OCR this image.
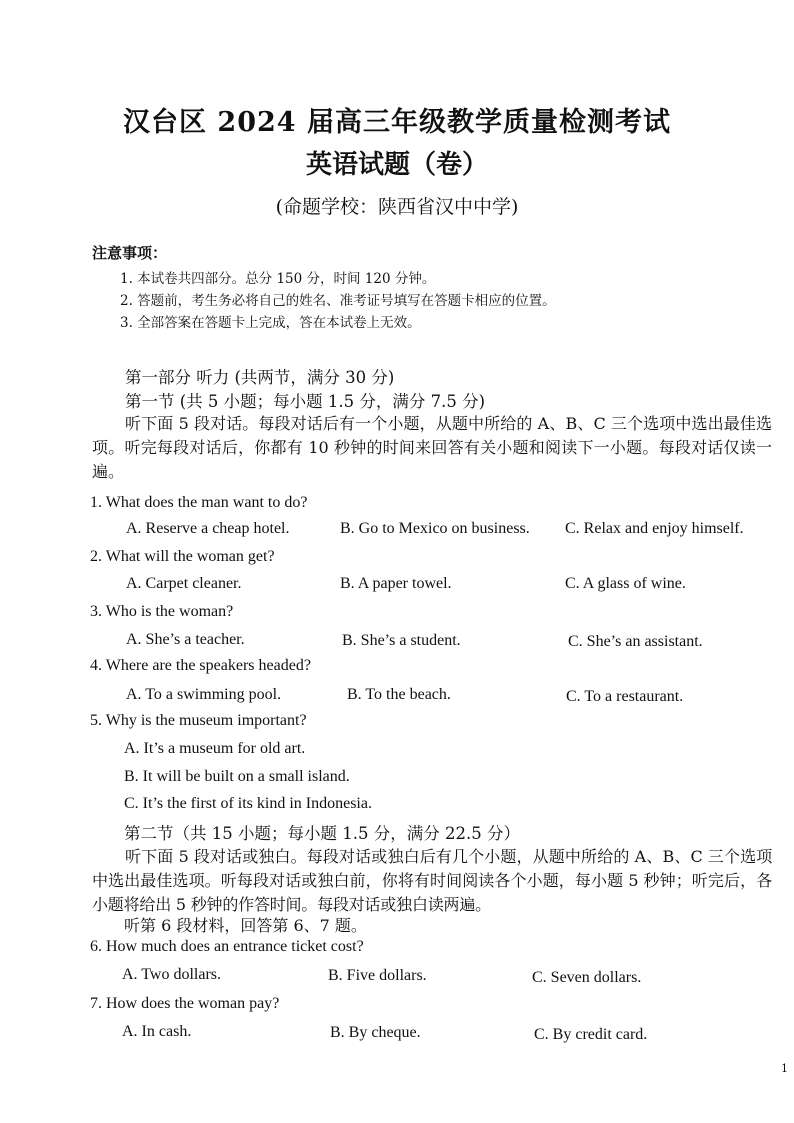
汉台区 2024 届高三年级教学质量检测考试
英语试题（卷）
(命题学校：陕西省汉中中学)
注意事项：
1. 本试卷共四部分。总分 150 分，时间 120 分钟。
2. 答题前，考生务必将自己的姓名、准考证号填写在答题卡相应的位置。
3. 全部答案在答题卡上完成，答在本试卷上无效。
第一部分 听力 (共两节，满分 30 分)
第一节 (共 5 小题；每小题 1.5 分，满分 7.5 分)
听下面 5 段对话。每段对话后有一个小题，从题中所给的 A、B、C 三个选项中选出最佳选项。听完每段对话后，你都有 10 秒钟的时间来回答有关小题和阅读下一小题。每段对话仅读一遍。
1. What does the man want to do?
A. Reserve a cheap hotel.	B. Go to Mexico on business. C. Relax and enjoy himself.
2. What will the woman get?
A. Carpet cleaner.	B. A paper towel.	C. A glass of wine.
3. Who is the woman?
A. She’s a teacher.	B. She’s a student.	C. She’s an assistant.
4. Where are the speakers headed?
A. To a swimming pool.	B. To the beach.	C. To a restaurant.
5. Why is the museum important?
A. It’s a museum for old art.
B. It will be built on a small island.
C. It’s the first of its kind in Indonesia.
第二节（共 15 小题；每小题 1.5 分，满分 22.5 分）
听下面 5 段对话或独白。每段对话或独白后有几个小题，从题中所给的 A、B、C 三个选项中选出最佳选项。听每段对话或独白前，你将有时间阅读各个小题，每小题 5 秒钟；听完后，各小题将给出 5 秒钟的作答时间。每段对话或独白读两遍。
听第 6 段材料，回答第 6、7 题。
6. How much does an entrance ticket cost?
A. Two dollars.	B. Five dollars.	C. Seven dollars.
7. How does the woman pay?
A. In cash.	B. By cheque.	C. By credit card.
1
